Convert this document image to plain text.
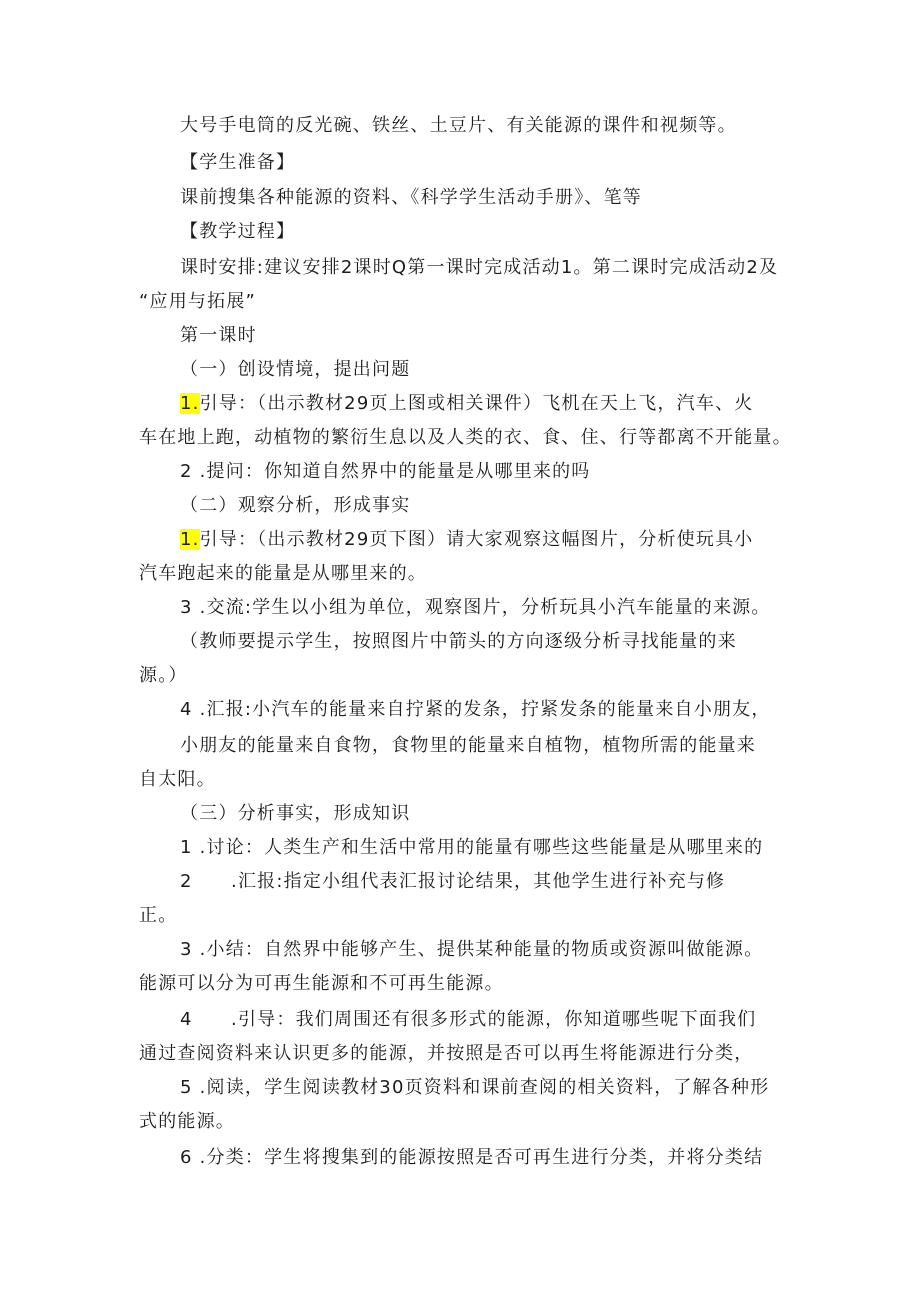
大号手电筒的反光碗、铁丝、土豆片、有关能源的课件和视频等。
【学生准备】
课前搜集各种能源的资料、《科学学生活动手册》、笔等
【教学过程】
课时安排:建议安排2课时Q第一课时完成活动1。第二课时完成活动2及
“应用与拓展”
第一课时
（一）创设情境，提出问题
1.引导：（出示教材29页上图或相关课件）飞机在天上飞，汽车、火
车在地上跑，动植物的繁衍生息以及人类的衣、食、住、行等都离不开能量。
2 .提问：你知道自然界中的能量是从哪里来的吗
（二）观察分析，形成事实
1.引导：（出示教材29页下图）请大家观察这幅图片，分析使玩具小
汽车跑起来的能量是从哪里来的。
3 .交流:学生以小组为单位，观察图片，分析玩具小汽车能量的来源。
（教师要提示学生，按照图片中箭头的方向逐级分析寻找能量的来
源。）
4 .汇报:小汽车的能量来自拧紧的发条，拧紧发条的能量来自小朋友，
小朋友的能量来自食物，食物里的能量来自植物，植物所需的能量来
自太阳。
（三）分析事实，形成知识
1 .讨论：人类生产和生活中常用的能量有哪些这些能量是从哪里来的
2　　.汇报:指定小组代表汇报讨论结果，其他学生进行补充与修
正。
3 .小结：自然界中能够产生、提供某种能量的物质或资源叫做能源。
能源可以分为可再生能源和不可再生能源。
4　　.引导：我们周围还有很多形式的能源，你知道哪些呢下面我们
通过查阅资料来认识更多的能源，并按照是否可以再生将能源进行分类，
5 .阅读，学生阅读教材30页资料和课前查阅的相关资料，了解各种形
式的能源。
6 .分类：学生将搜集到的能源按照是否可再生进行分类，并将分类结
